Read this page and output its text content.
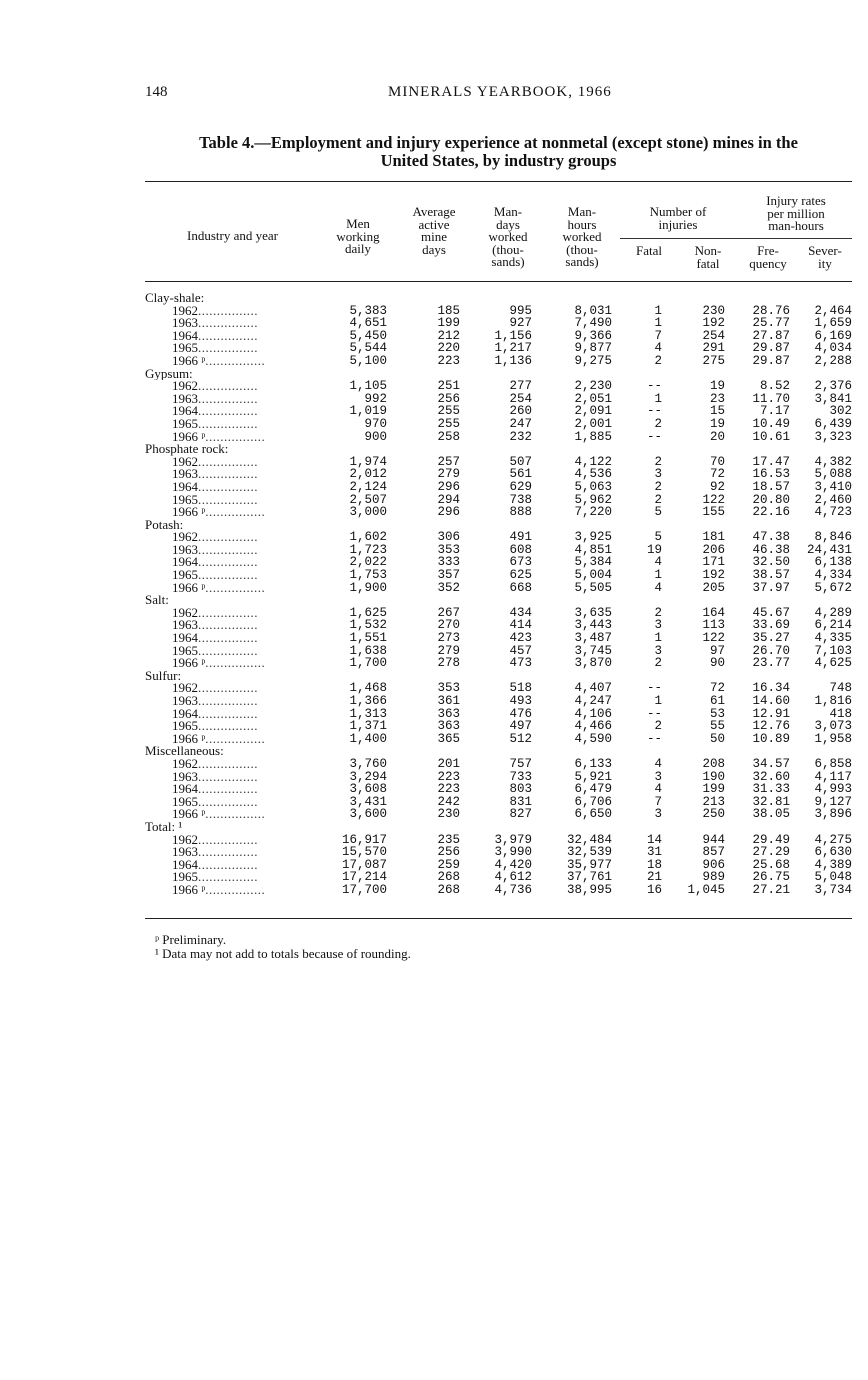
148	MINERALS YEARBOOK, 1966
Table 4.—Employment and injury experience at nonmetal (except stone) mines in the
United States, by industry groups
Industry and year
Men
working
daily
Average
active
mine
days
Man-
days
worked
(thou-
sands)
Man-
hours
worked
(thou-
sands)
Number of
injuries
Fatal	Non-
fatal
Injury rates
per million
man-hours
Fre-
quency
Sever-
ity
Clay-shale:								
1962................	5,383	185	995	8,031	1	230	28.76	2,464
1963................	4,651	199	927	7,490	1	192	25.77	1,659
1964................	5,450	212	1,156	9,366	7	254	27.87	6,169
1965................	5,544	220	1,217	9,877	4	291	29.87	4,034
1966 ᵖ................	5,100	223	1,136	9,275	2	275	29.87	2,288
Gypsum:								
1962................	1,105	251	277	2,230	--	19	8.52	2,376
1963................	992	256	254	2,051	1	23	11.70	3,841
1964................	1,019	255	260	2,091	--	15	7.17	302
1965................	970	255	247	2,001	2	19	10.49	6,439
1966 ᵖ................	900	258	232	1,885	--	20	10.61	3,323
Phosphate rock:								
1962................	1,974	257	507	4,122	2	70	17.47	4,382
1963................	2,012	279	561	4,536	3	72	16.53	5,088
1964................	2,124	296	629	5,063	2	92	18.57	3,410
1965................	2,507	294	738	5,962	2	122	20.80	2,460
1966 ᵖ................	3,000	296	888	7,220	5	155	22.16	4,723
Potash:								
1962................	1,602	306	491	3,925	5	181	47.38	8,846
1963................	1,723	353	608	4,851	19	206	46.38	24,431
1964................	2,022	333	673	5,384	4	171	32.50	6,138
1965................	1,753	357	625	5,004	1	192	38.57	4,334
1966 ᵖ................	1,900	352	668	5,505	4	205	37.97	5,672
Salt:								
1962................	1,625	267	434	3,635	2	164	45.67	4,289
1963................	1,532	270	414	3,443	3	113	33.69	6,214
1964................	1,551	273	423	3,487	1	122	35.27	4,335
1965................	1,638	279	457	3,745	3	97	26.70	7,103
1966 ᵖ................	1,700	278	473	3,870	2	90	23.77	4,625
Sulfur:								
1962................	1,468	353	518	4,407	--	72	16.34	748
1963................	1,366	361	493	4,247	1	61	14.60	1,816
1964................	1,313	363	476	4,106	--	53	12.91	418
1965................	1,371	363	497	4,466	2	55	12.76	3,073
1966 ᵖ................	1,400	365	512	4,590	--	50	10.89	1,958
Miscellaneous:								
1962................	3,760	201	757	6,133	4	208	34.57	6,858
1963................	3,294	223	733	5,921	3	190	32.60	4,117
1964................	3,608	223	803	6,479	4	199	31.33	4,993
1965................	3,431	242	831	6,706	7	213	32.81	9,127
1966 ᵖ................	3,600	230	827	6,650	3	250	38.05	3,896
Total: ¹								
1962................	16,917	235	3,979	32,484	14	944	29.49	4,275
1963................	15,570	256	3,990	32,539	31	857	27.29	6,630
1964................	17,087	259	4,420	35,977	18	906	25.68	4,389
1965................	17,214	268	4,612	37,761	21	989	26.75	5,048
1966 ᵖ................	17,700	268	4,736	38,995	16	1,045	27.21	3,734
ᵖ Preliminary.
¹ Data may not add to totals because of rounding.
